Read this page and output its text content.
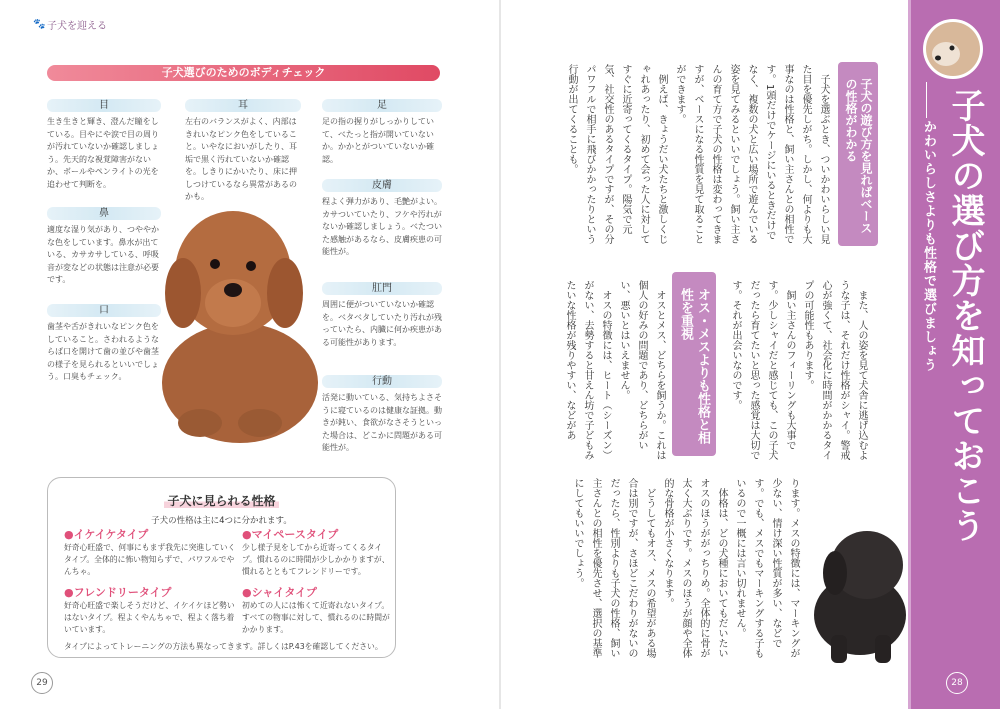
🐾 子犬を迎える
子犬選びのためのボディチェック
目
生き生きと輝き、澄んだ瞳をしている。目やにや涙で目の周りが汚れていないか確認しましょう。先天的な視覚障害がないか、ボールやペンライトの光を追わせて判断を。
耳
左右のバランスがよく、内部はきれいなピンク色をしていること。いやなにおいがしたり、耳垢で黒く汚れていないか確認を。しきりにかいたり、床に押しつけているなら異常があるのかも。
足
足の指の握りがしっかりしていて、べたっと指が開いていないか。かかとがついていないか確認。
皮膚
程よく弾力があり、毛艶がよい。カサついていたり、フケや汚れがないか確認しましょう。べたついた感触があるなら、皮膚疾患の可能性が。
鼻
適度な湿り気があり、つややかな色をしています。鼻水が出ている、カサカサしている、呼吸音が変などの状態は注意が必要です。
肛門
周囲に便がついていないか確認を。ベタベタしていたり汚れが残っていたら、内臓に何か疾患がある可能性があります。
口
歯茎や舌がきれいなピンク色をしていること。さわれるようならば口を開けて歯の並びや歯茎の様子を見られるといいでしょう。口臭もチェック。	行動
活発に動いている、気持ちよさそうに寝ているのは健康な証拠。動きが鈍い、食欲がなさそうといった場合は、どこかに問題がある可能性が。
子犬に見られる性格
子犬の性格は主に4つに分かれます。
●イケイケタイプ
好奇心旺盛で、何事にもまず我先に突進していくタイプ。全体的に怖い物知らずで、パワフルでやんちゃ。
●マイペースタイプ
少し様子見をしてから近寄ってくるタイプ。慣れるのに時間が少しかかりますが、慣れるとともてフレンドリーです。
●フレンドリータイプ
好奇心旺盛で楽しそうだけど、イケイケほど勢いはないタイプ。程よくやんちゃで、程よく落ち着いています。
●シャイタイプ
初めての人には怖くて近寄れないタイプ。すべての物事に対して、慣れるのに時間がかかります。
タイプによってトレーニングの方法も異なってきます。詳しくはP.43を確認してください。
29
子犬の遊び方を見ればベースの性格がわかる

子犬を選ぶとき、ついかわいらしい見た目を優先しがち。しかし、何よりも大事なのは性格と、飼い主さんとの相性です。1頭だけでケージにいるときだけでなく、複数の犬と広い場所で遊んでいる姿を見てみるといいでしょう。飼い主さんの育て方で子犬の性格は変わってきますが、ベースになる性質を見て取ることができます。

例えば、きょうだい犬たちと激しくじゃれあったり、初めて会った人に対してすぐに近寄ってくるタイプ。陽気で元気、社交性のあるタイプですが、その分パワフルで相手に飛びかかったりという行動が出てくることも。

また、人の姿を見て犬舎に逃げ込むような子は、それだけ性格がシャイ。警戒心が強くて、社会化に時間がかかるタイプの可能性もあります。

飼い主さんのフィーリングも大事です。少しシャイだと感じても、この子犬だったら育てたいと思った感覚は大切です。それが出会いなのです。

オス・メスよりも性格と相性を重視

オスとメス、どちらを飼うか。これは個人の好みの問題であり、どちらがいい、悪いとはいえません。

オスの特徴には、ヒート（シーズン）がない、去勢すると甘えん坊で子どもみたいな性格が残りやすい、などがあ

ります。メスの特徴には、マーキングが少ない、情け深い性質が多い、などです。でも、メスでもマーキングする子もいるので一概には言い切れません。

体格は、どの犬種においてもだいたいオスのほうががっちりめ。全体的に骨が太く大ぶりです。メスのほうが顔や全体的な骨格が小さくなります。

どうしてもオス、メスの希望がある場合は別ですが、さほどこだわりがないのだったら、性別よりも子犬の性格、飼い主さんとの相性を優先させ、選択の基準にしてもいいでしょう。

かわいらしさよりも性格で選びましょう 子犬の選び方を知っておこう
28
